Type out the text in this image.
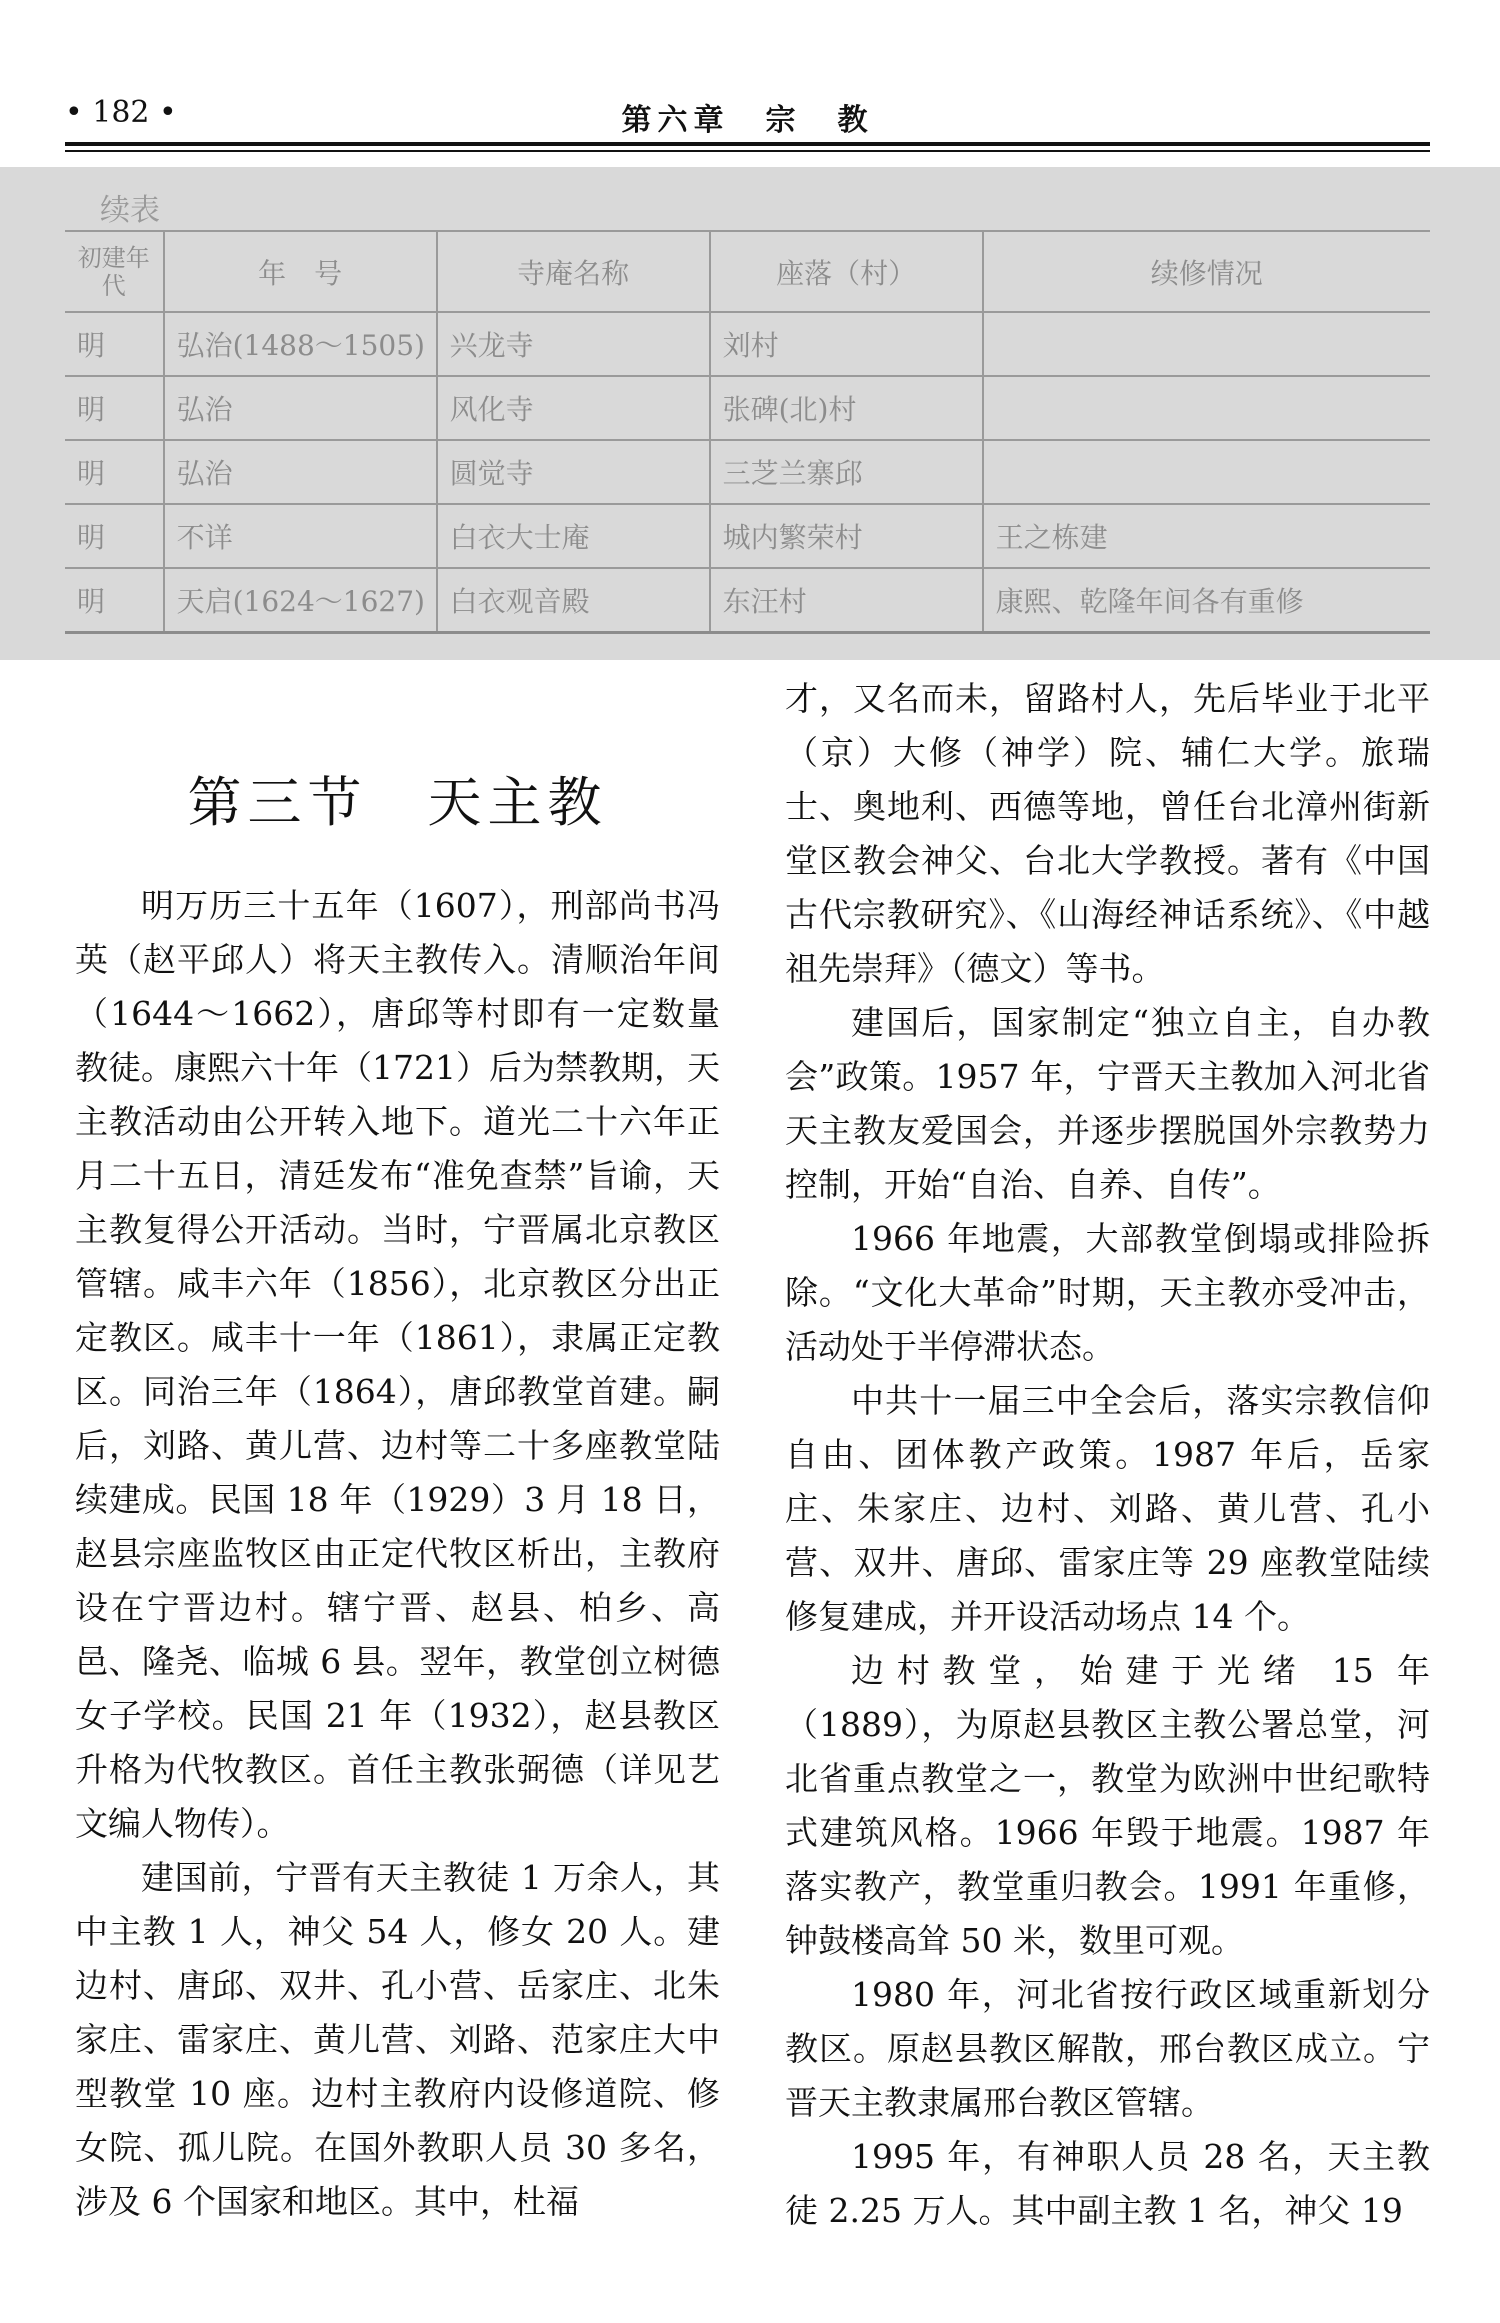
• 182 •	第六章　宗　教
续表
初建年代	年　号	寺庵名称	座落（村）	续修情况
明	弘治(1488～1505)	兴龙寺	刘村	
明	弘治	风化寺	张碑(北)村	
明	弘治	圆觉寺	三芝兰寨邱	
明	不详	白衣大士庵	城内繁荣村	王之栋建
明	天启(1624～1627)	白衣观音殿	东汪村	康熙、乾隆年间各有重修
第三节　天主教

明万历三十五年（1607），刑部尚书冯英（赵平邱人）将天主教传入。清顺治年间（1644～1662），唐邱等村即有一定数量教徒。康熙六十年（1721）后为禁教期，天主教活动由公开转入地下。道光二十六年正月二十五日，清廷发布“准免查禁”旨谕，天主教复得公开活动。当时，宁晋属北京教区管辖。咸丰六年（1856），北京教区分出正定教区。咸丰十一年（1861），隶属正定教区。同治三年（1864），唐邱教堂首建。嗣后，刘路、黄儿营、边村等二十多座教堂陆续建成。民国 18 年（1929）3 月 18 日，赵县宗座监牧区由正定代牧区析出，主教府设在宁晋边村。辖宁晋、赵县、柏乡、高邑、隆尧、临城 6 县。翌年，教堂创立树德女子学校。民国 21 年（1932），赵县教区升格为代牧教区。首任主教张弼德（详见艺文编人物传）。

建国前，宁晋有天主教徒 1 万余人，其中主教 1 人，神父 54 人，修女 20 人。建边村、唐邱、双井、孔小营、岳家庄、北朱家庄、雷家庄、黄儿营、刘路、范家庄大中型教堂 10 座。边村主教府内设修道院、修女院、孤儿院。在国外教职人员 30 多名，涉及 6 个国家和地区。其中，杜福

才，又名而未，留路村人，先后毕业于北平（京）大修（神学）院、辅仁大学。旅瑞士、奥地利、西德等地，曾任台北漳州街新堂区教会神父、台北大学教授。著有《中国古代宗教研究》、《山海经神话系统》、《中越祖先崇拜》（德文）等书。

建国后，国家制定“独立自主，自办教会”政策。1957 年，宁晋天主教加入河北省天主教友爱国会，并逐步摆脱国外宗教势力控制，开始“自治、自养、自传”。

1966 年地震，大部教堂倒塌或排险拆除。“文化大革命”时期，天主教亦受冲击，活动处于半停滞状态。

中共十一届三中全会后，落实宗教信仰自由、团体教产政策。1987 年后，岳家庄、朱家庄、边村、刘路、黄儿营、孔小营、双井、唐邱、雷家庄等 29 座教堂陆续修复建成，并开设活动场点 14 个。

边村教堂，始建于光绪 15 年（1889），为原赵县教区主教公署总堂，河北省重点教堂之一，教堂为欧洲中世纪歌特式建筑风格。1966 年毁于地震。1987 年落实教产，教堂重归教会。1991 年重修，钟鼓楼高耸 50 米，数里可观。

1980 年，河北省按行政区域重新划分教区。原赵县教区解散，邢台教区成立。宁晋天主教隶属邢台教区管辖。

1995 年，有神职人员 28 名，天主教徒 2.25 万人。其中副主教 1 名，神父 19
